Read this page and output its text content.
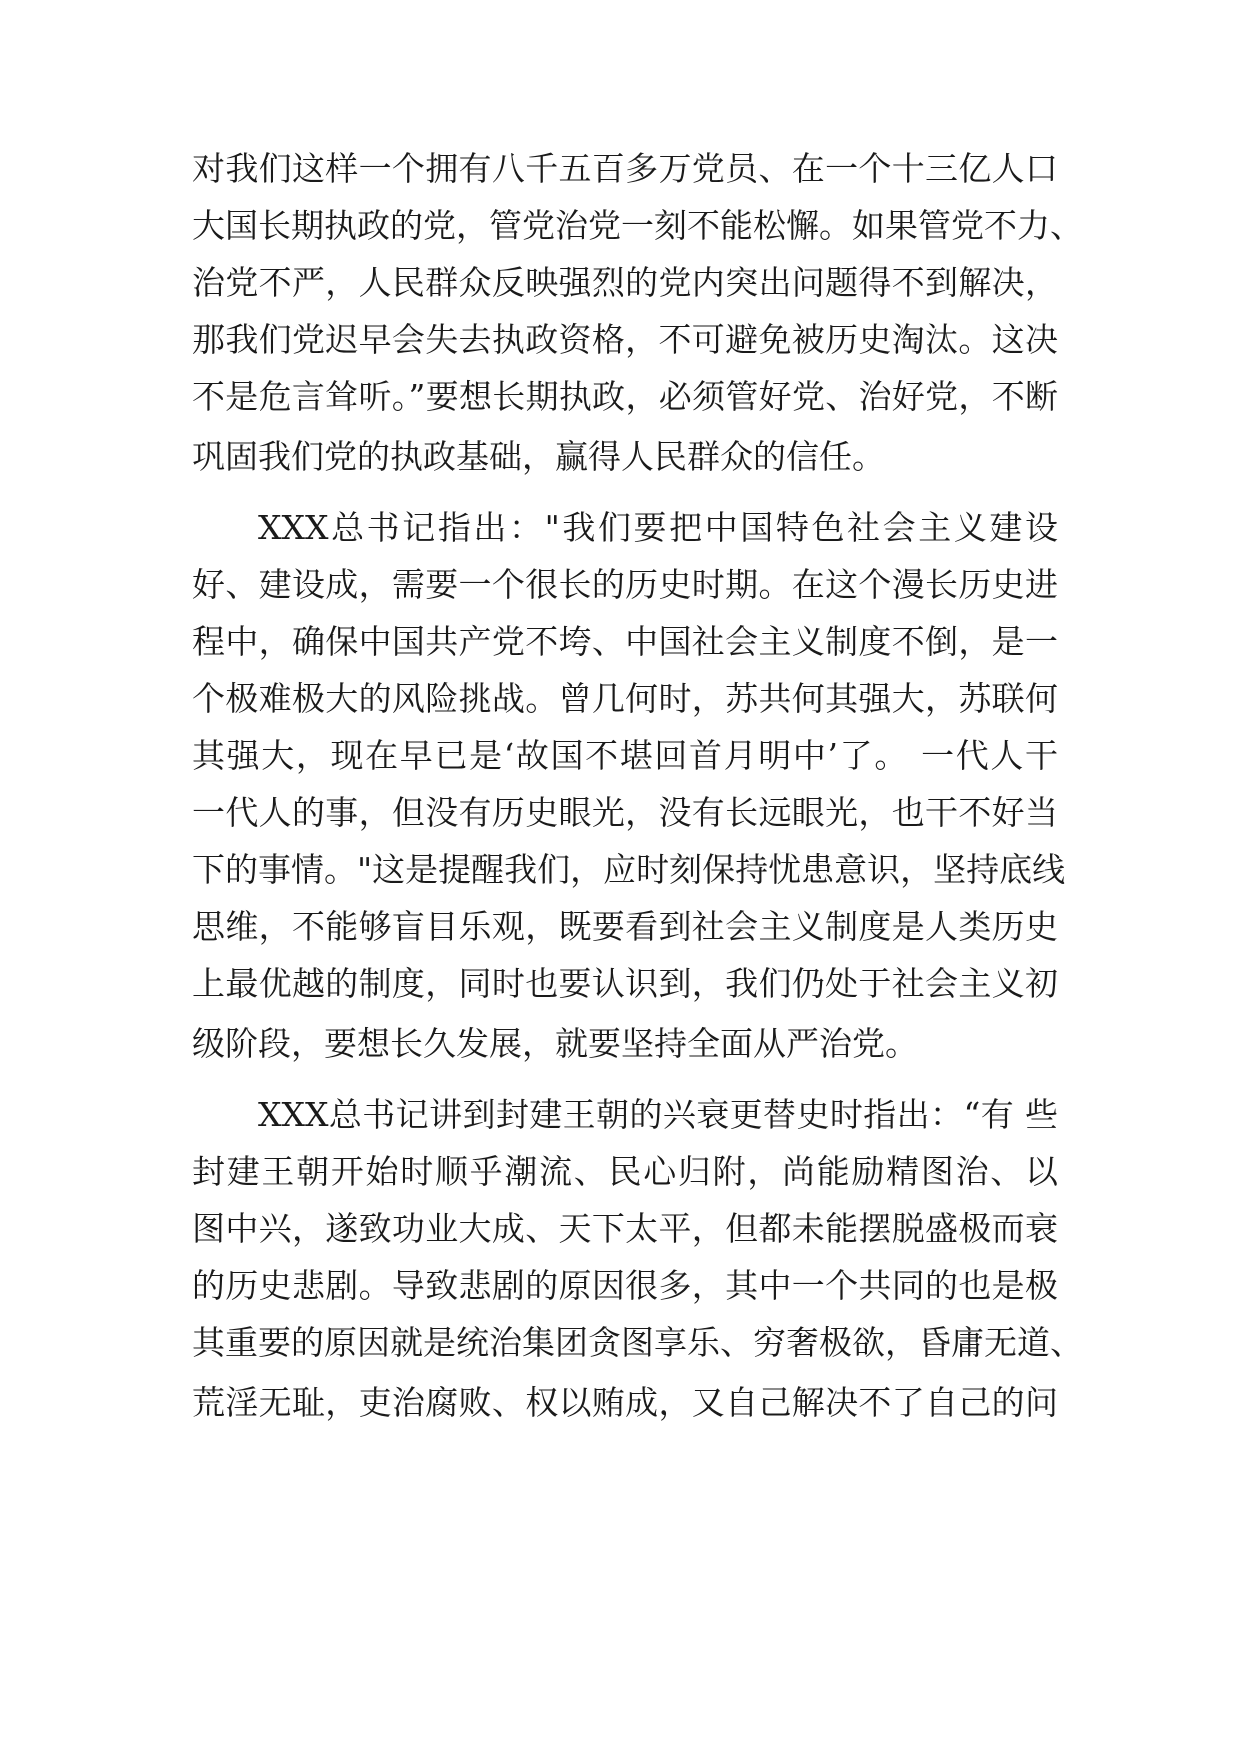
对我们这样一个拥有八千五百多万党员、在一个十三亿人口
大国长期执政的党，管党治党一刻不能松懈。如果管党不力、
治党不严，人民群众反映强烈的党内突出问题得不到解决，
那我们党迟早会失去执政资格，不可避免被历史淘汰。这决
不是危言耸听。”要想长期执政，必须管好党、治好党，不断
巩固我们党的执政基础，赢得人民群众的信任。
XXX总书记指出："我们要把中国特色社会主义建设
好、建设成，需要一个很长的历史时期。在这个漫长历史进
程中，确保中国共产党不垮、中国社会主义制度不倒，是一
个极难极大的风险挑战。曾几何时，苏共何其强大，苏联何
其强大，现在早已是‘故国不堪回首月明中’了。 一代人干
一代人的事，但没有历史眼光，没有长远眼光，也干不好当
下的事情。"这是提醒我们，应时刻保持忧患意识，坚持底线
思维，不能够盲目乐观，既要看到社会主义制度是人类历史
上最优越的制度，同时也要认识到，我们仍处于社会主义初
级阶段，要想长久发展，就要坚持全面从严治党。
XXX总书记讲到封建王朝的兴衰更替史时指出：“有 些
封建王朝开始时顺乎潮流、民心归附，尚能励精图治、以
图中兴，遂致功业大成、天下太平，但都未能摆脱盛极而衰
的历史悲剧。导致悲剧的原因很多，其中一个共同的也是极
其重要的原因就是统治集团贪图享乐、穷奢极欲，昏庸无道、
荒淫无耻，吏治腐败、权以贿成，又自己解决不了自己的问
